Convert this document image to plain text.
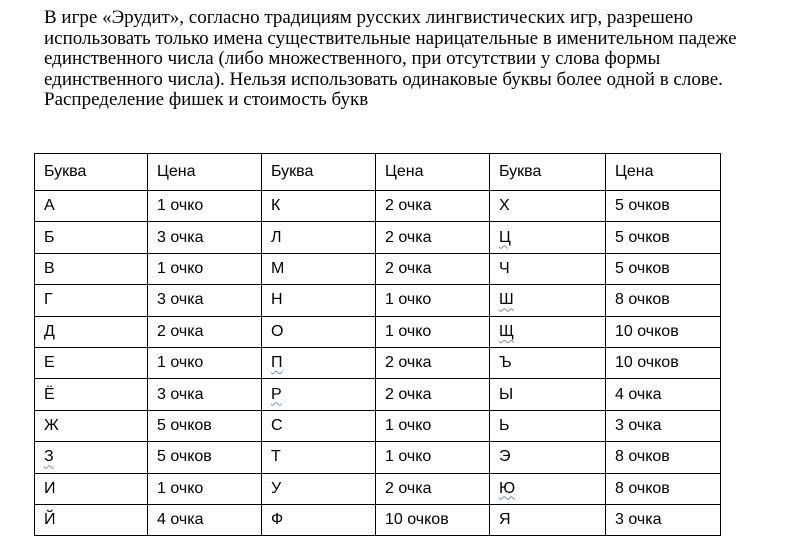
В игре «Эрудит», согласно традициям русских лингвистических игр, разрешено
использовать только имена существительные нарицательные в именительном падеже
единственного числа (либо множественного, при отсутствии у слова формы
единственного числа). Нельзя использовать одинаковые буквы более одной в слове.
Распределение фишек и стоимость букв
Буква	Цена	Буква	Цена	Буква	Цена
А	1 очко	К	2 очка	Х	5 очков
Б	3 очка	Л	2 очка	Ц	5 очков
В	1 очко	М	2 очка	Ч	5 очков
Г	3 очка	Н	1 очко	Ш	8 очков
Д	2 очка	О	1 очко	Щ	10 очков
Е	1 очко	П	2 очка	Ъ	10 очков
Ё	3 очка	Р	2 очка	Ы	4 очка
Ж	5 очков	С	1 очко	Ь	3 очка
З	5 очков	Т	1 очко	Э	8 очков
И	1 очко	У	2 очка	Ю	8 очков
Й	4 очка	Ф	10 очков	Я	3 очка
